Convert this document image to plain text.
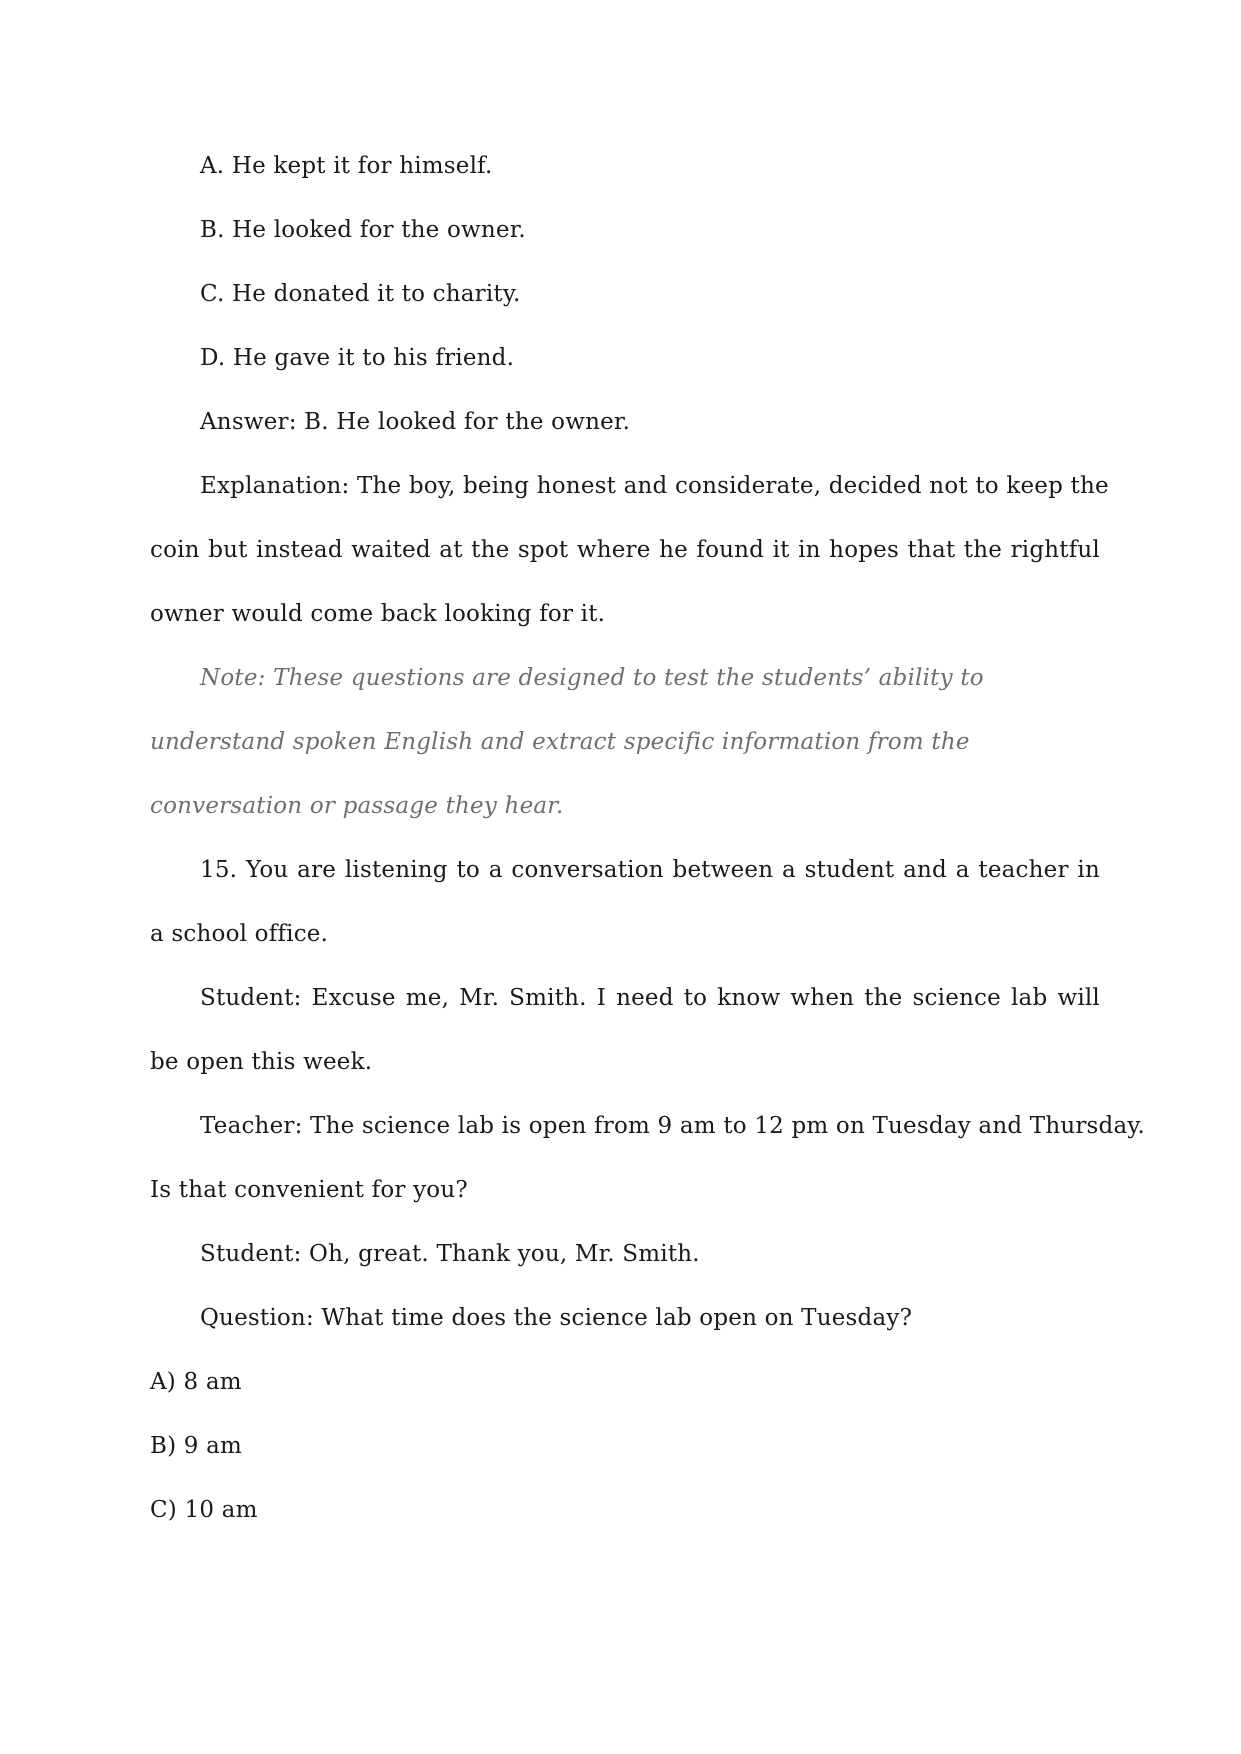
A. He kept it for himself.
B. He looked for the owner.
C. He donated it to charity.
D. He gave it to his friend.
Answer: B. He looked for the owner.
Explanation: The boy, being honest and considerate, decided not to keep the
coin but instead waited at the spot where he found it in hopes that the rightful
owner would come back looking for it.
Note: These questions are designed to test the students’ ability to
understand spoken English and extract specific information from the
conversation or passage they hear.
15. You are listening to a conversation between a student and a teacher in
a school office.
Student: Excuse me, Mr. Smith. I need to know when the science lab will
be open this week.
Teacher: The science lab is open from 9 am to 12 pm on Tuesday and Thursday.
Is that convenient for you?
Student: Oh, great. Thank you, Mr. Smith.
Question: What time does the science lab open on Tuesday?
A) 8 am
B) 9 am
C) 10 am
